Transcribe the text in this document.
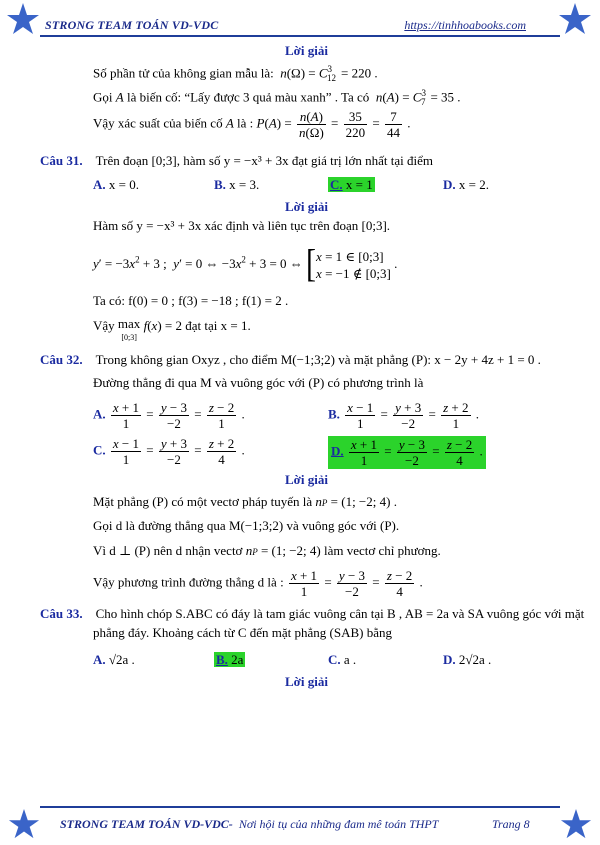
STRONG TEAM TOÁN VD-VDC	https://tinhhoabooks.com
Lời giải
Số phần tử của không gian mẫu là: $n(\Omega) = C^3_{12} = 220$ .
Gọi A là biến cố: “Lấy được 3 quả màu xanh” . Ta có $n(A) = C^3_7 = 35$ .
Vậy xác suất của biến cố A là : $P(A) = \frac{n(A)}{n(\Omega)} = \frac{35}{220} = \frac{7}{44}$ .
Câu 31. Trên đoạn [0;3], hàm số y = −x³ + 3x đạt giá trị lớn nhất tại điểm
A. x = 0.	B. x = 3.	C. x = 1	D. x = 2.
Lời giải
Hàm số y = −x³ + 3x xác định và liên tục trên đoạn [0;3].
$y' = -3x^2 + 3$ ;  y′ = 0 ⇔ $-3x^2 + 3 = 0$ ⇔ [ x = 1 ∈ [0;3]
x = −1 ∉ [0;3]
.
Ta có: f(0) = 0 ; f(3) = −18 ; f(1) = 2 .
Vậy max
[0;3] f(x) = 2 đạt tại x = 1.
Câu 32. Trong không gian Oxyz , cho điểm M(−1;3;2) và mặt phẳng (P): x − 2y + 4z + 1 = 0 .
Đường thẳng đi qua M và vuông góc với (P) có phương trình là
A. $\frac{x + 1}{1} = \frac{y - 3}{-2} = \frac{z - 2}{1}$ .	B. $\frac{x - 1}{1} = \frac{y + 3}{-2} = \frac{z + 2}{1}$ .
C. $\frac{x - 1}{1} = \frac{y + 3}{-2} = \frac{z + 2}{4}$ .	D. $\frac{x + 1}{1} = \frac{y - 3}{-2} = \frac{z - 2}{4}$ .
Lời giải
Mặt phẳng (P) có một vectơ pháp tuyến là nP = (1; −2; 4) .
Gọi d là đường thẳng qua M(−1;3;2) và vuông góc với (P).
Vì d ⊥ (P) nên d nhận vectơ nP = (1; −2; 4) làm vectơ chỉ phương.
Vậy phương trình đường thẳng d là : $\frac{x + 1}{1} = \frac{y - 3}{-2} = \frac{z - 2}{4}$ .
Câu 33. Cho hình chóp S.ABC có đáy là tam giác vuông cân tại B , AB = 2a và SA vuông góc với mặt
phẳng đáy. Khoảng cách từ C đến mặt phẳng (SAB) bằng
A. √2a .	B. 2a	C. a .	D. 2√2a .
Lời giải
STRONG TEAM TOÁN VD-VDC- Nơi hội tụ của những đam mê toán THPT	Trang 8
